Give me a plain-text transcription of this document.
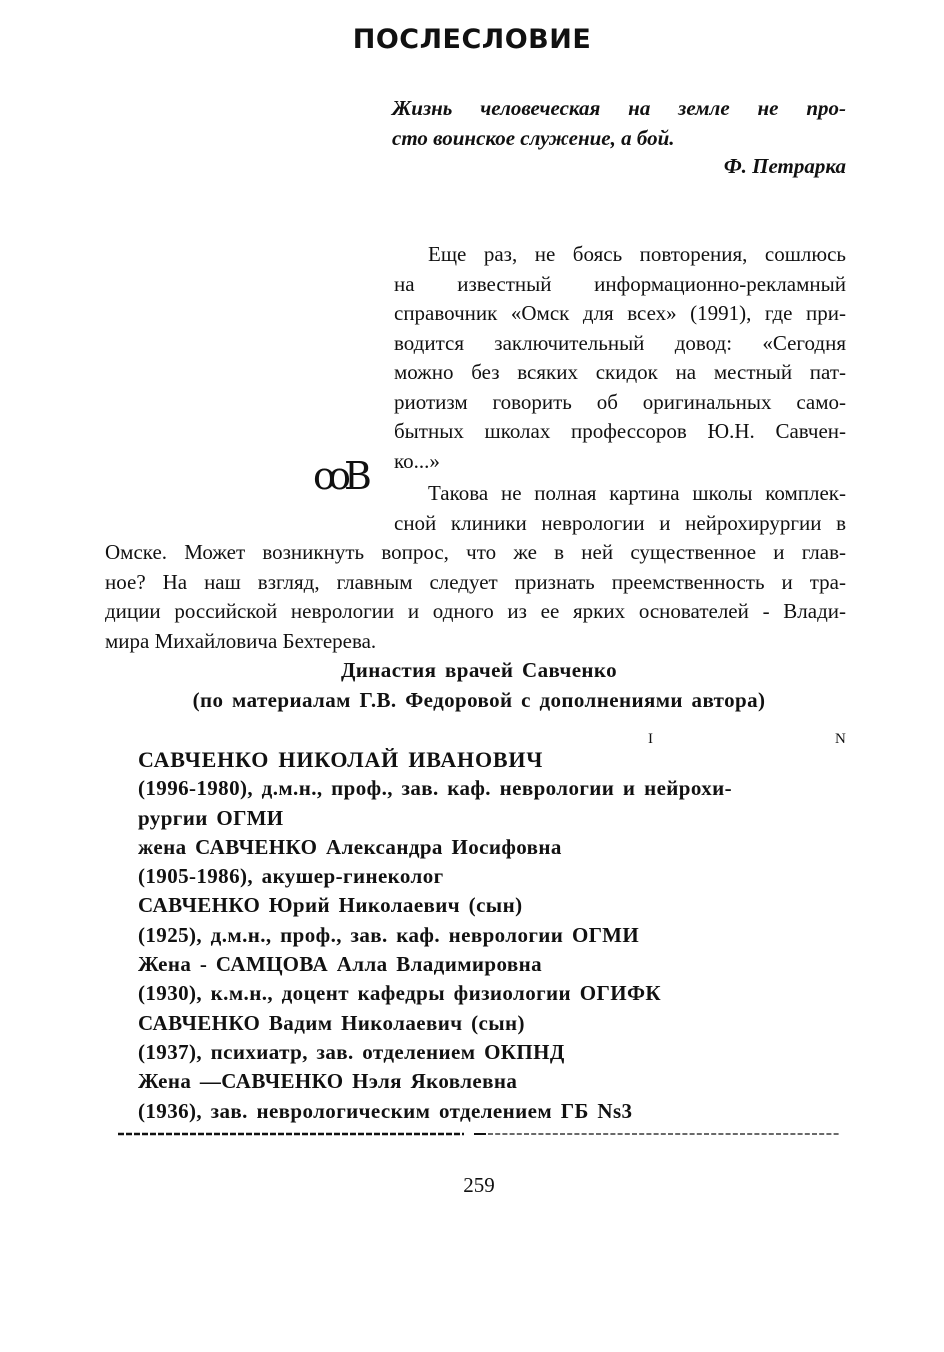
ПОСЛЕСЛОВИЕ
Жизнь человеческая на земле не про-
сто воинское служение, а бой.
Ф. Петрарка
Еще раз, не боясь повторения, сошлюсь
на известный информационно-рекламный
справочник «Омск для всех» (1991), где при-
водится заключительный довод: «Сегодня
можно без всяких скидок на местный пат-
риотизм говорить об оригинальных само-
бытных школах профессоров Ю.Н. Савчен-
ко...»
ꝏB	Такова не полная картина школы комплек-
сной клиники неврологии и нейрохирургии в
Омске. Может возникнуть вопрос, что же в ней существенное и глав-
ное? На наш взгляд, главным следует признать преемственность и тра-
диции российской неврологии и одного из ее ярких основателей - Влади-
мира Михайловича Бехтерева.
Династия врачей Савченко
(по материалам Г.В. Федоровой с дополнениями автора)
I	N
САВЧЕНКО НИКОЛАЙ ИВАНОВИЧ
(1996-1980), д.м.н., проф., зав. каф. неврологии и нейрохи-
рургии ОГМИ
жена САВЧЕНКО Александра Иосифовна
(1905-1986), акушер-гинеколог
САВЧЕНКО Юрий Николаевич (сын)
(1925), д.м.н., проф., зав. каф. неврологии ОГМИ
Жена - САМЦОВА Алла Владимировна
(1930), к.м.н., доцент кафедры физиологии ОГИФК
САВЧЕНКО Вадим Николаевич (сын)
(1937), психиатр, зав. отделением ОКПНД
Жена —САВЧЕНКО Нэля Яковлевна
(1936), зав. неврологическим отделением ГБ Ns3
259
